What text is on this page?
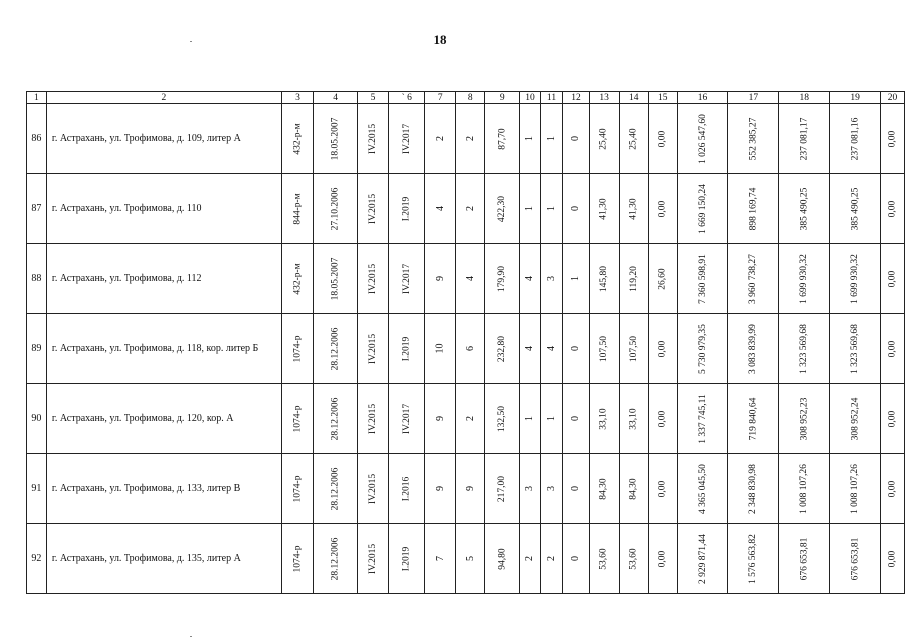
18
1	2	3	4	5	` 6	7	8	9	10	11	12	13	14	15	16	17	18	19	20
86	г. Астрахань, ул. Трофимова, д. 109, литер А	432-р-м	18.05.2007	IV.2015	IV.2017	2	2	87,70	1	1	0	25,40	25,40	0,00	1 026 547,60	552 385,27	237 081,17	237 081,16	0,00
87	г. Астрахань, ул. Трофимова, д. 110	844-р-м	27.10.2006	IV.2015	I.2019	4	2	422,30	1	1	0	41,30	41,30	0,00	1 669 150,24	898 169,74	385 490,25	385 490,25	0,00
88	г. Астрахань, ул. Трофимова, д. 112	432-р-м	18.05.2007	IV.2015	IV.2017	9	4	179,90	4	3	1	145,80	119,20	26,60	7 360 598,91	3 960 738,27	1 699 930,32	1 699 930,32	0,00
89	г. Астрахань, ул. Трофимова, д. 118, кор. литер Б	1074-р	28.12.2006	IV.2015	I.2019	10	6	232,80	4	4	0	107,50	107,50	0,00	5 730 979,35	3 083 839,99	1 323 569,68	1 323 569,68	0,00
90	г. Астрахань, ул. Трофимова, д. 120, кор. А	1074-р	28.12.2006	IV.2015	IV.2017	9	2	132,50	1	1	0	33,10	33,10	0,00	1 337 745,11	719 840,64	308 952,23	308 952,24	0,00
91	г. Астрахань, ул. Трофимова, д. 133, литер В	1074-р	28.12.2006	IV.2015	I.2016	9	9	217,00	3	3	0	84,30	84,30	0,00	4 365 045,50	2 348 830,98	1 008 107,26	1 008 107,26	0,00
92	г. Астрахань, ул. Трофимова, д. 135, литер А	1074-р	28.12.2006	IV.2015	I.2019	7	5	94,80	2	2	0	53,60	53,60	0,00	2 929 871,44	1 576 563,82	676 653,81	676 653,81	0,00
